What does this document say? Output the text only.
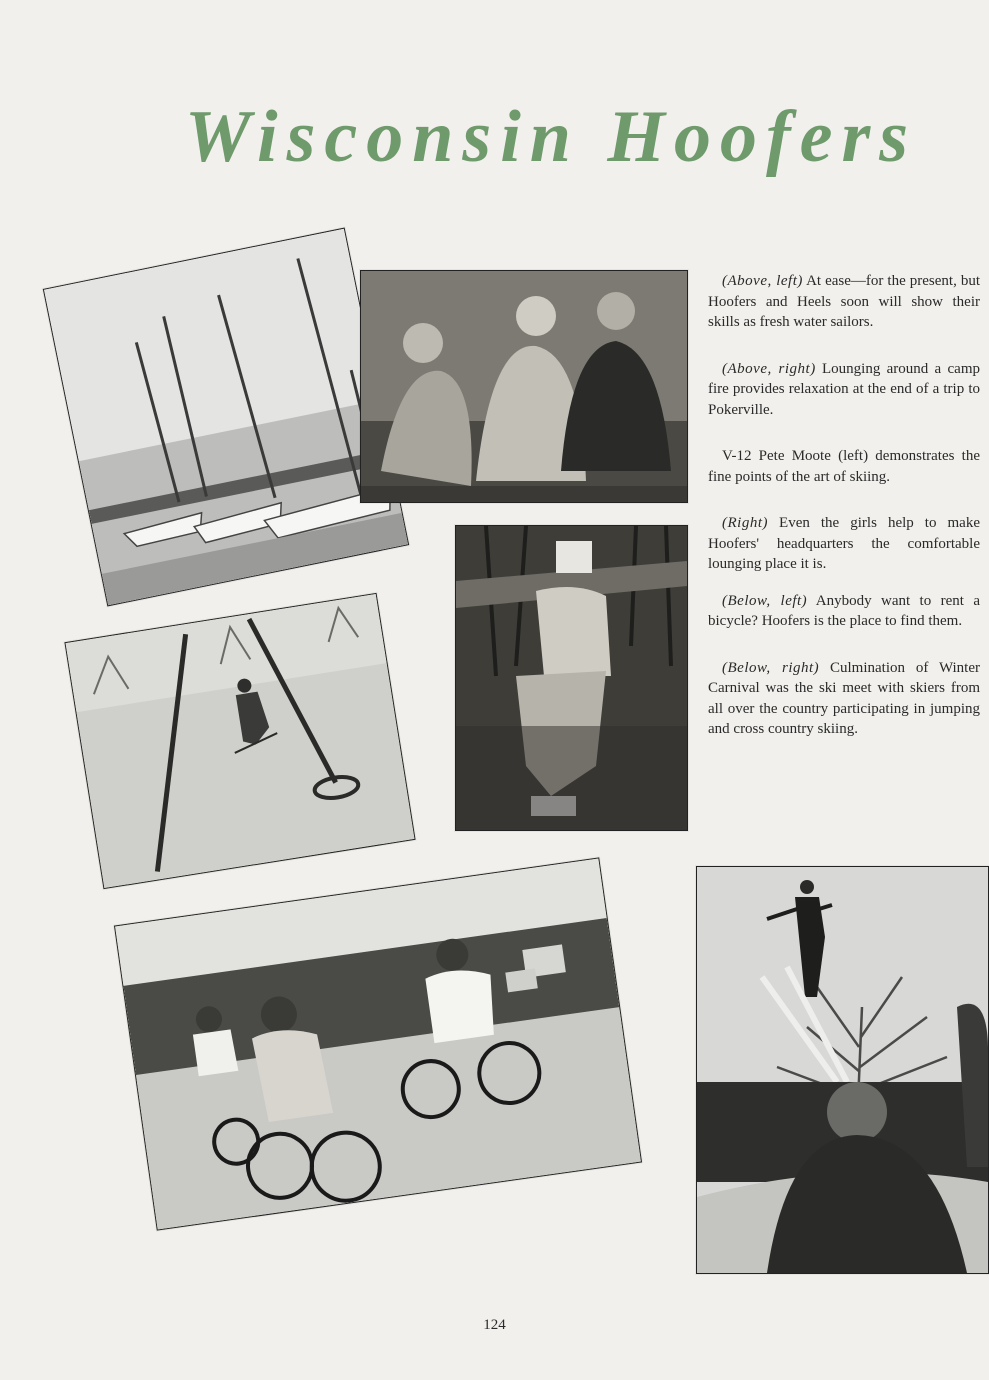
Wisconsin Hoofers

(Above, left) At ease—for the present, but Hoofers and Heels soon will show their skills as fresh water sailors.

(Above, right) Lounging around a camp fire provides relaxation at the end of a trip to Pokerville.

V-12 Pete Moote (left) demonstrates the fine points of the art of skiing.

(Right) Even the girls help to make Hoofers' headquarters the comfortable lounging place it is.

(Below, left) Anybody want to rent a bicycle? Hoofers is the place to find them.

(Below, right) Culmination of Winter Carnival was the ski meet with skiers from all over the country participating in jumping and cross country skiing.

124
